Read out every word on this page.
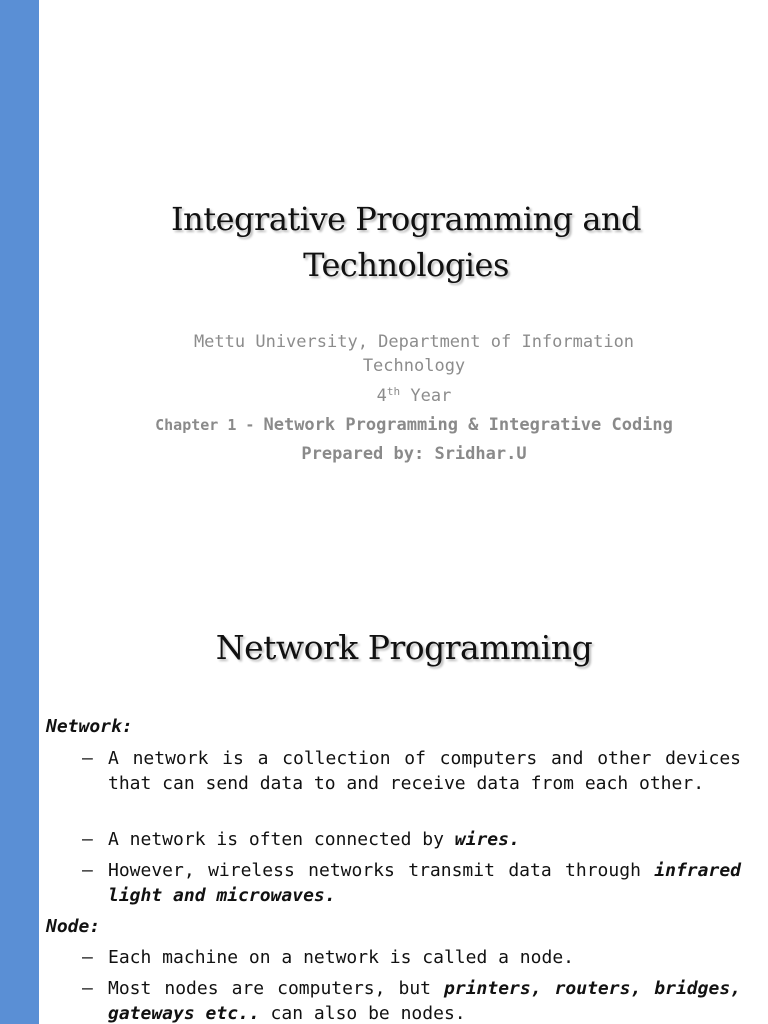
Integrative Programming and
Technologies
Mettu University, Department of Information
Technology
4th Year
Chapter 1 - Network Programming & Integrative Coding
Prepared by: Sridhar.U
Network Programming
Network:
– A network is a collection of computers and other devices that can send data to and receive data from each other.
– A network is often connected by wires.
– However, wireless networks transmit data through infrared light and microwaves.
Node:
– Each machine on a network is called a node.
– Most nodes are computers, but printers, routers, bridges, gateways etc.. can also be nodes.
